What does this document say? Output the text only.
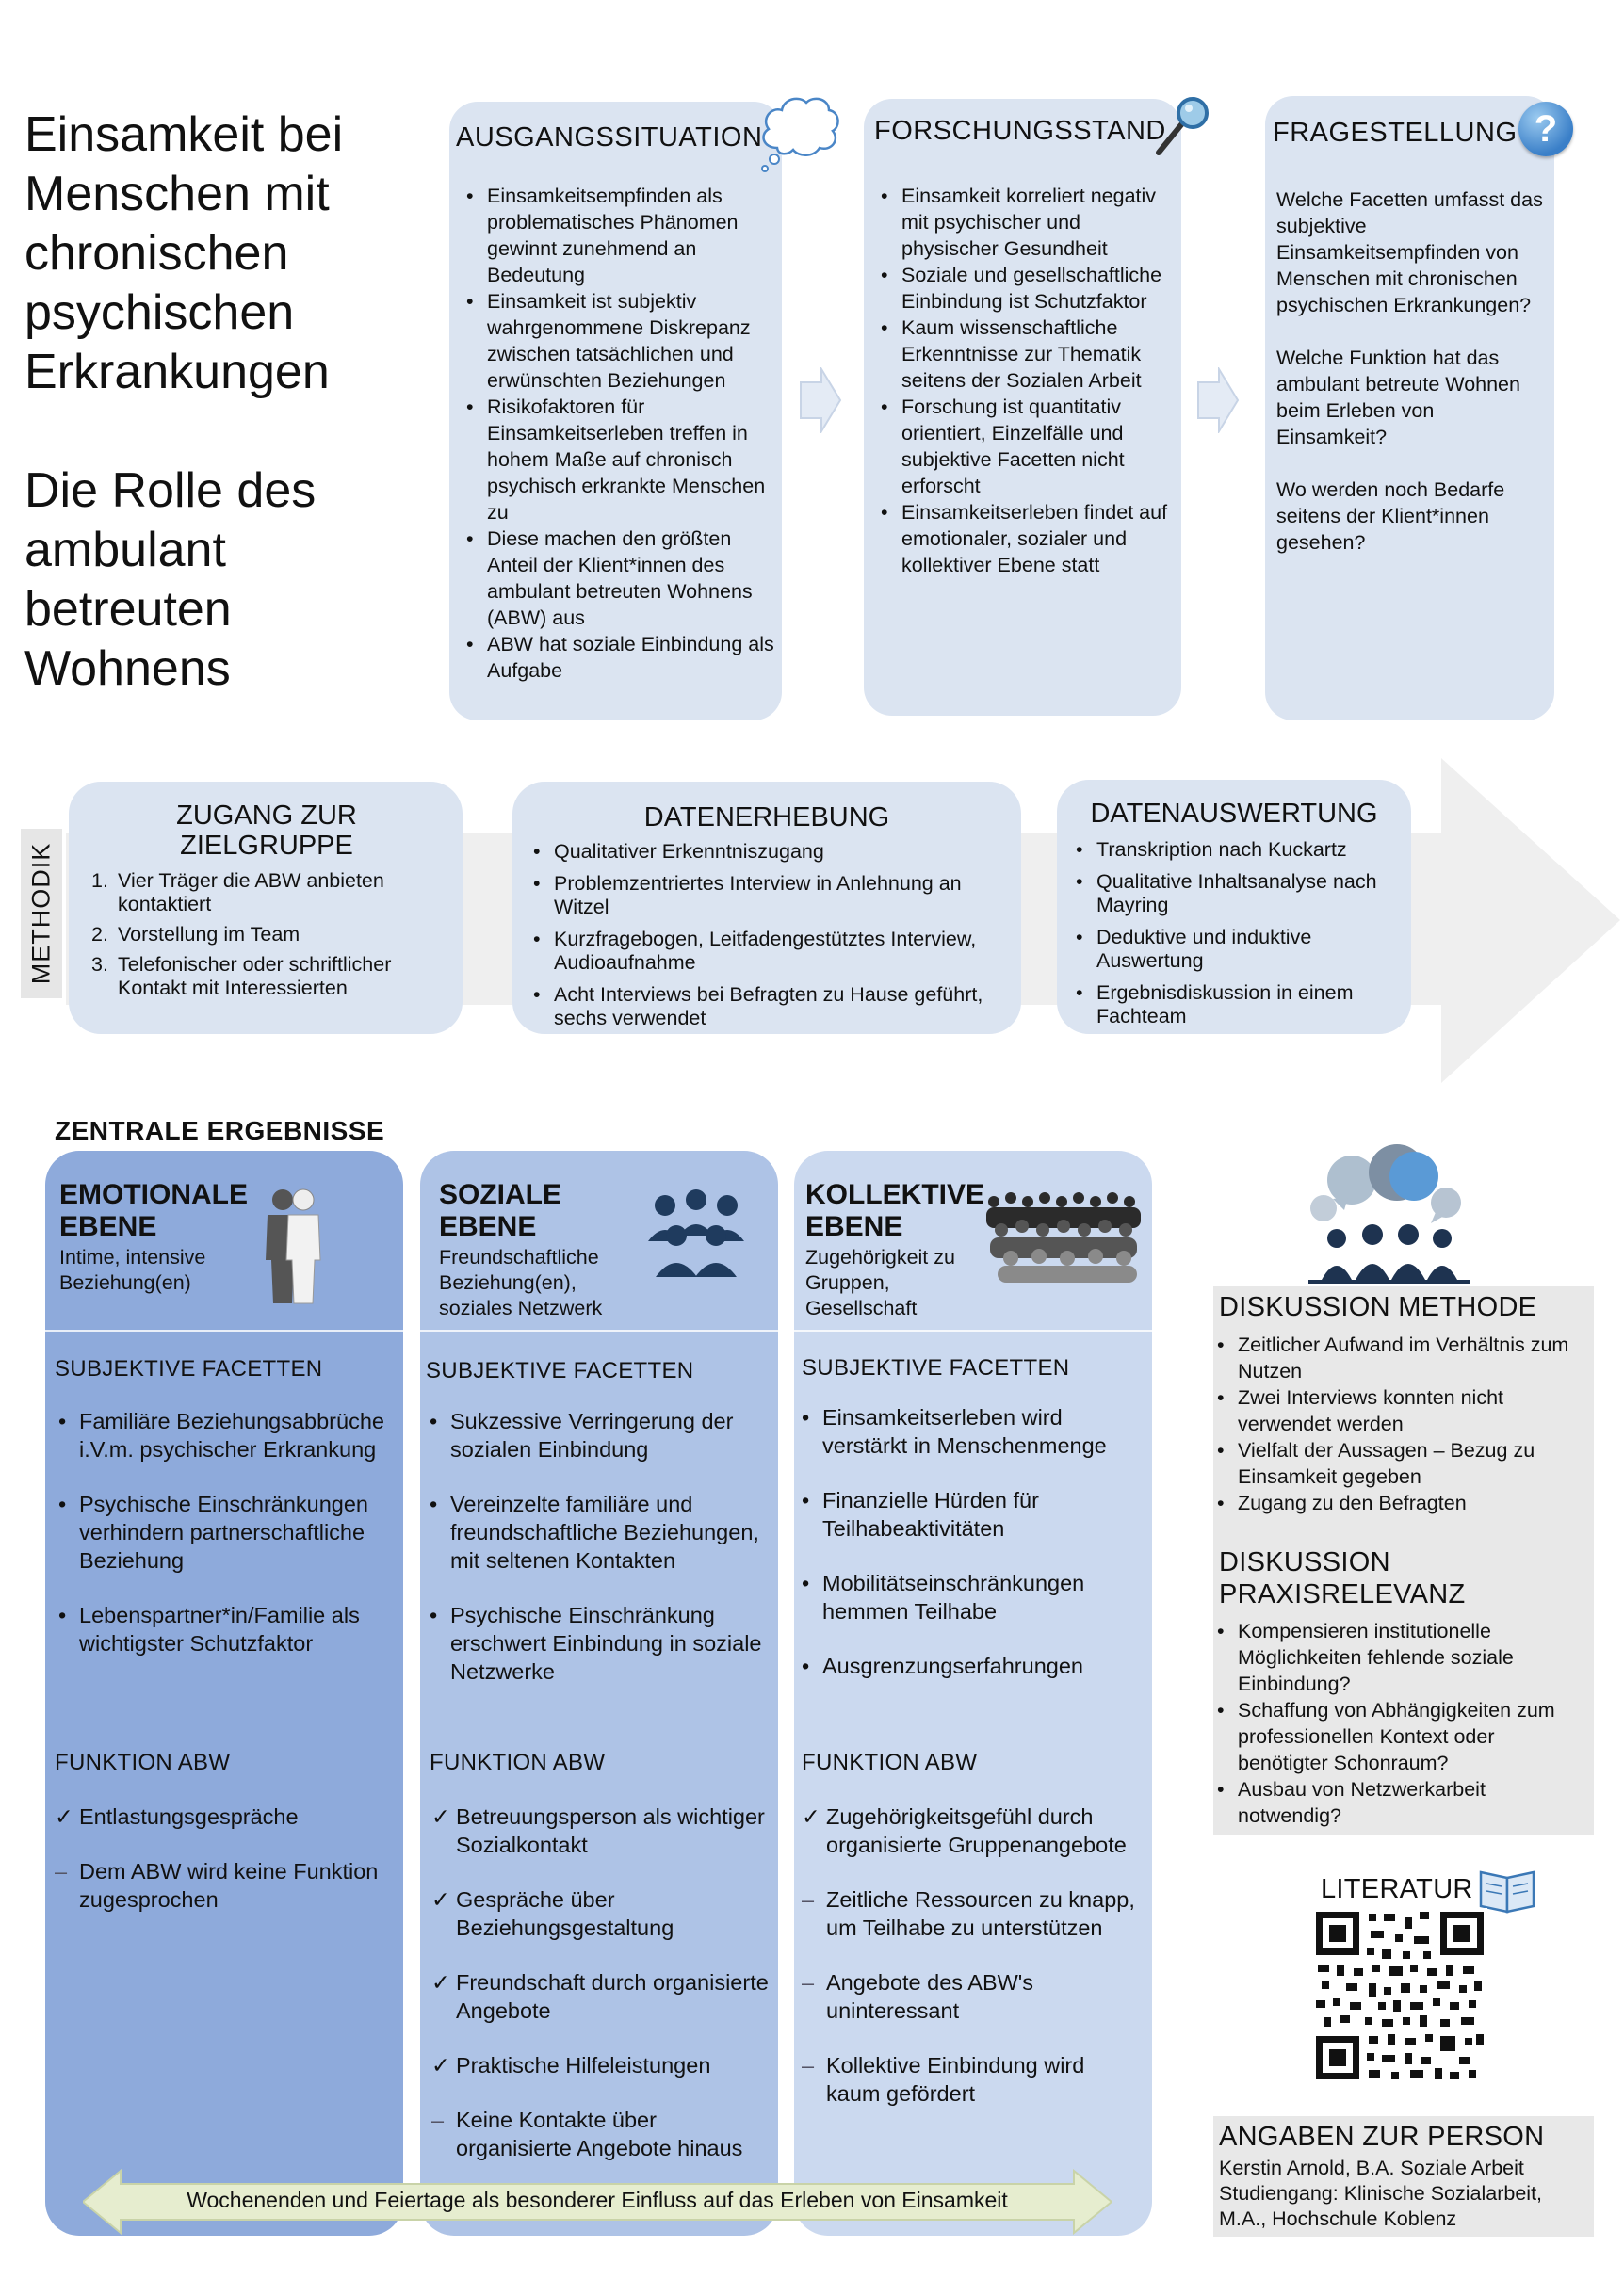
Einsamkeit bei Menschen mit chronischen psychischen Erkrankungen
Die Rolle des ambulant betreuten Wohnens
AUSGANGSSITUATION
• Einsamkeitsempfinden als problematisches Phänomen gewinnt zunehmend an Bedeutung
• Einsamkeit ist subjektiv wahrgenommene Diskrepanz zwischen tatsächlichen und erwünschten Beziehungen
• Risikofaktoren für Einsamkeitserleben treffen in hohem Maße auf chronisch psychisch erkrankte Menschen zu
• Diese machen den größten Anteil der Klient*innen des ambulant betreuten Wohnens (ABW) aus
• ABW hat soziale Einbindung als Aufgabe
FORSCHUNGSSTAND
• Einsamkeit korreliert negativ mit psychischer und physischer Gesundheit
• Soziale und gesellschaftliche Einbindung ist Schutzfaktor
• Kaum wissenschaftliche Erkenntnisse zur Thematik seitens der Sozialen Arbeit
• Forschung ist quantitativ orientiert, Einzelfälle und subjektive Facetten nicht erforscht
• Einsamkeitserleben findet auf emotionaler, sozialer und kollektiver Ebene statt
FRAGESTELLUNG

Welche Facetten umfasst das subjektive Einsamkeitsempfinden von Menschen mit chronischen psychischen Erkrankungen?

Welche Funktion hat das ambulant betreute Wohnen beim Erleben von Einsamkeit?

Wo werden noch Bedarfe seitens der Klient*innen gesehen?

?
METHODIK
ZUGANG ZUR ZIELGRUPPE
1. Vier Träger die ABW anbieten kontaktiert
2. Vorstellung im Team
3. Telefonischer oder schriftlicher Kontakt mit Interessierten
DATENERHEBUNG
• Qualitativer Erkenntniszugang
• Problemzentriertes Interview in Anlehnung an Witzel
• Kurzfragebogen, Leitfadengestütztes Interview, Audioaufnahme
• Acht Interviews bei Befragten zu Hause geführt, sechs verwendet
DATENAUSWERTUNG
• Transkription nach Kuckartz
• Qualitative Inhaltsanalyse nach Mayring
• Deduktive und induktive Auswertung
• Ergebnisdiskussion in einem Fachteam
ZENTRALE ERGEBNISSE
EMOTIONALE
EBENE
Intime, intensive Beziehung(en)
SUBJEKTIVE FACETTEN
• Familiäre Beziehungsabbrüche i.V.m. psychischer Erkrankung
• Psychische Einschränkungen verhindern partnerschaftliche Beziehung
• Lebenspartner*in/Familie als wichtigster Schutzfaktor
FUNKTION ABW
✓ Entlastungsgespräche
– Dem ABW wird keine Funktion zugesprochen
SOZIALE
EBENE
Freundschaftliche Beziehung(en), soziales Netzwerk
SUBJEKTIVE FACETTEN
• Sukzessive Verringerung der sozialen Einbindung
• Vereinzelte familiäre und freundschaftliche Beziehungen, mit seltenen Kontakten
• Psychische Einschränkung erschwert Einbindung in soziale Netzwerke
FUNKTION ABW
✓ Betreuungsperson als wichtiger Sozialkontakt
✓ Gespräche über Beziehungsgestaltung
✓ Freundschaft durch organisierte Angebote
✓ Praktische Hilfeleistungen
– Keine Kontakte über organisierte Angebote hinaus
KOLLEKTIVE
EBENE
Zugehörigkeit zu Gruppen, Gesellschaft
SUBJEKTIVE FACETTEN
• Einsamkeitserleben wird verstärkt in Menschenmenge
• Finanzielle Hürden für Teilhabeaktivitäten
• Mobilitätseinschränkungen hemmen Teilhabe
• Ausgrenzungserfahrungen
FUNKTION ABW
✓ Zugehörigkeitsgefühl durch organisierte Gruppenangebote
– Zeitliche Ressourcen zu knapp, um Teilhabe zu unterstützen
– Angebote des ABW's uninteressant
– Kollektive Einbindung wird kaum gefördert
Wochenenden und Feiertage als besonderer Einfluss auf das Erleben von Einsamkeit
DISKUSSION METHODE
• Zeitlicher Aufwand im Verhältnis zum Nutzen
• Zwei Interviews konnten nicht verwendet werden
• Vielfalt der Aussagen – Bezug zu Einsamkeit gegeben
• Zugang zu den Befragten
DISKUSSION
PRAXISRELEVANZ
• Kompensieren institutionelle Möglichkeiten fehlende soziale Einbindung?
• Schaffung von Abhängigkeiten zum professionellen Kontext oder benötigter Schonraum?
• Ausbau von Netzwerkarbeit notwendig?
LITERATUR
ANGABEN ZUR PERSON
Kerstin Arnold, B.A. Soziale Arbeit
Studiengang: Klinische Sozialarbeit,
M.A., Hochschule Koblenz
